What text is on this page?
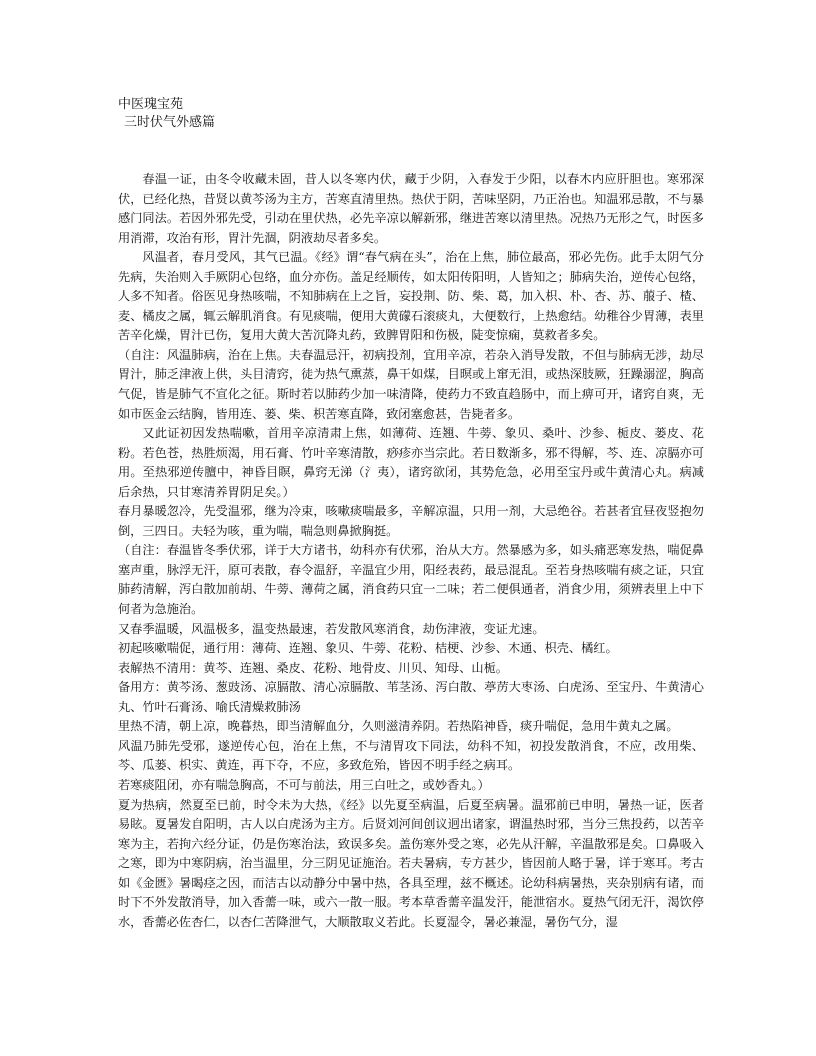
中医瑰宝苑
三时伏气外感篇

春温一证，由冬令收藏未固，昔人以冬寒内伏，藏于少阴，入春发于少阳，以春木内应肝胆也。寒邪深伏，已经化热，昔贤以黄芩汤为主方，苦寒直清里热。热伏于阴，苦味坚阴，乃正治也。知温邪忌散，不与暴感门同法。若因外邪先受，引动在里伏热，必先辛凉以解新邪，继进苦寒以清里热。况热乃无形之气，时医多用消滞，攻治有形，胃汁先涸，阴液劫尽者多矣。

风温者，春月受风，其气已温。《经》谓“春气病在头”，治在上焦，肺位最高，邪必先伤。此手太阴气分先病，失治则入手厥阴心包络，血分亦伤。盖足经顺传，如太阳传阳明，人皆知之；肺病失治，逆传心包络，人多不知者。俗医见身热咳喘，不知肺病在上之旨，妄投荆、防、柴、葛，加入枳、朴、杏、苏、菔子、楂、麦、橘皮之属，辄云解肌消食。有见痰喘，便用大黄礞石滚痰丸，大便数行，上热愈结。幼稚谷少胃薄，表里苦辛化燥，胃汁已伤，复用大黄大苦沉降丸药，致脾胃阳和伤极，陡变惊痫，莫救者多矣。

（自注：风温肺病，治在上焦。夫春温忌汗，初病投剂，宜用辛凉，若杂入消导发散，不但与肺病无涉，劫尽胃汁，肺乏津液上供，头目清窍，徒为热气熏蒸，鼻干如煤，目暝或上窜无泪，或热深肢厥，狂躁溺涩，胸高气促，皆是肺气不宣化之征。斯时若以肺药少加一味清降，使药力不致直趋肠中，而上痹可开，诸窍自爽，无如市医金云结胸，皆用连、蒌、柴、枳苦寒直降，致闭塞愈甚，告毙者多。

又此证初因发热喘嗽，首用辛凉清肃上焦，如薄荷、连翘、牛蒡、象贝、桑叶、沙参、栀皮、蒌皮、花粉。若色苍，热胜烦渴，用石膏、竹叶辛寒清散，痧疹亦当宗此。若日数渐多，邪不得解，芩、连、凉膈亦可用。至热邪逆传膻中，神昏目瞑，鼻窍无涕（氵夷），诸窍欲闭，其势危急，必用至宝丹或牛黄清心丸。病减后余热，只甘寒清养胃阴足矣。）

春月暴暖忽冷，先受温邪，继为冷束，咳嗽痰喘最多，辛解凉温，只用一剂，大忌绝谷。若甚者宜昼夜竖抱勿倒，三四日。夫轻为咳，重为喘，喘急则鼻掀胸挺。

（自注：春温皆冬季伏邪，详于大方诸书，幼科亦有伏邪，治从大方。然暴感为多，如头痛恶寒发热，喘促鼻塞声重，脉浮无汗，原可表散，春令温舒，辛温宜少用，阳经表药，最忌混乱。至若身热咳喘有痰之证，只宜肺药清解，泻白散加前胡、牛蒡、薄荷之属，消食药只宜一二味；若二便俱通者，消食少用，须辨表里上中下何者为急施治。

又春季温暖，风温极多，温变热最速，若发散风寒消食，劫伤津液，变证尤速。

初起咳嗽喘促，通行用：薄荷、连翘、象贝、牛蒡、花粉、桔梗、沙参、木通、枳壳、橘红。

表解热不清用：黄芩、连翘、桑皮、花粉、地骨皮、川贝、知母、山栀。

备用方：黄芩汤、葱豉汤、凉膈散、清心凉膈散、苇茎汤、泻白散、葶苈大枣汤、白虎汤、至宝丹、牛黄清心丸、竹叶石膏汤、喻氏清燥救肺汤

里热不清，朝上凉，晚暮热，即当清解血分，久则滋清养阴。若热陷神昏，痰升喘促，急用牛黄丸之属。

风温乃肺先受邪，遂逆传心包，治在上焦，不与清胃攻下同法，幼科不知，初投发散消食，不应，改用柴、芩、瓜蒌、枳实、黄连，再下夺，不应，多致危殆，皆因不明手经之病耳。

若寒痰阻闭，亦有喘急胸高，不可与前法，用三白吐之，或妙香丸。）

夏为热病，然夏至已前，时令未为大热，《经》以先夏至病温，后夏至病暑。温邪前已申明，暑热一证，医者易眩。夏暑发自阳明，古人以白虎汤为主方。后贤刘河间创议迥出诸家，谓温热时邪，当分三焦投药，以苦辛寒为主，若拘六经分证，仍是伤寒治法，致误多矣。盖伤寒外受之寒，必先从汗解，辛温散邪是矣。口鼻吸入之寒，即为中寒阴病，治当温里，分三阴见证施治。若夫暑病，专方甚少，皆因前人略于暑，详于寒耳。考古如《金匮》暑暍痉之因，而洁古以动静分中暑中热，各具至理，兹不概述。论幼科病暑热，夹杂别病有诸，而时下不外发散消导，加入香薷一味，或六一散一服。考本草香薷辛温发汗，能泄宿水。夏热气闭无汗，渴饮停水，香薷必佐杏仁，以杏仁苦降泄气，大顺散取义若此。长夏湿令，暑必兼湿，暑伤气分，湿
